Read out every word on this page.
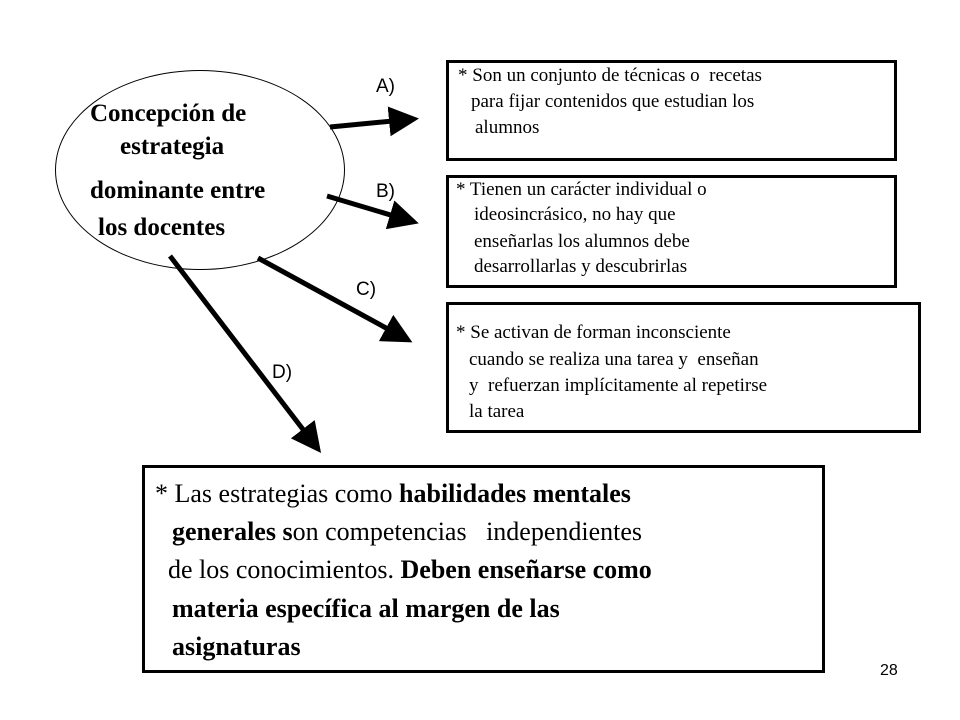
Concepción de
estrategia
dominante entre
los docentes
A)
B)
C)
D)
* Son un conjunto de técnicas o  recetas
para fijar contenidos que estudian los
alumnos
* Tienen un carácter individual o
ideosincrásico, no hay que
enseñarlas los alumnos debe
desarrollarlas y descubrirlas
* Se activan de forman inconsciente
cuando se realiza una tarea y  enseñan
y  refuerzan implícitamente al repetirse
la tarea
* Las estrategias como habilidades mentales
generales son competencias   independientes
de los conocimientos. Deben enseñarse como
materia específica al margen de las
asignaturas
28
